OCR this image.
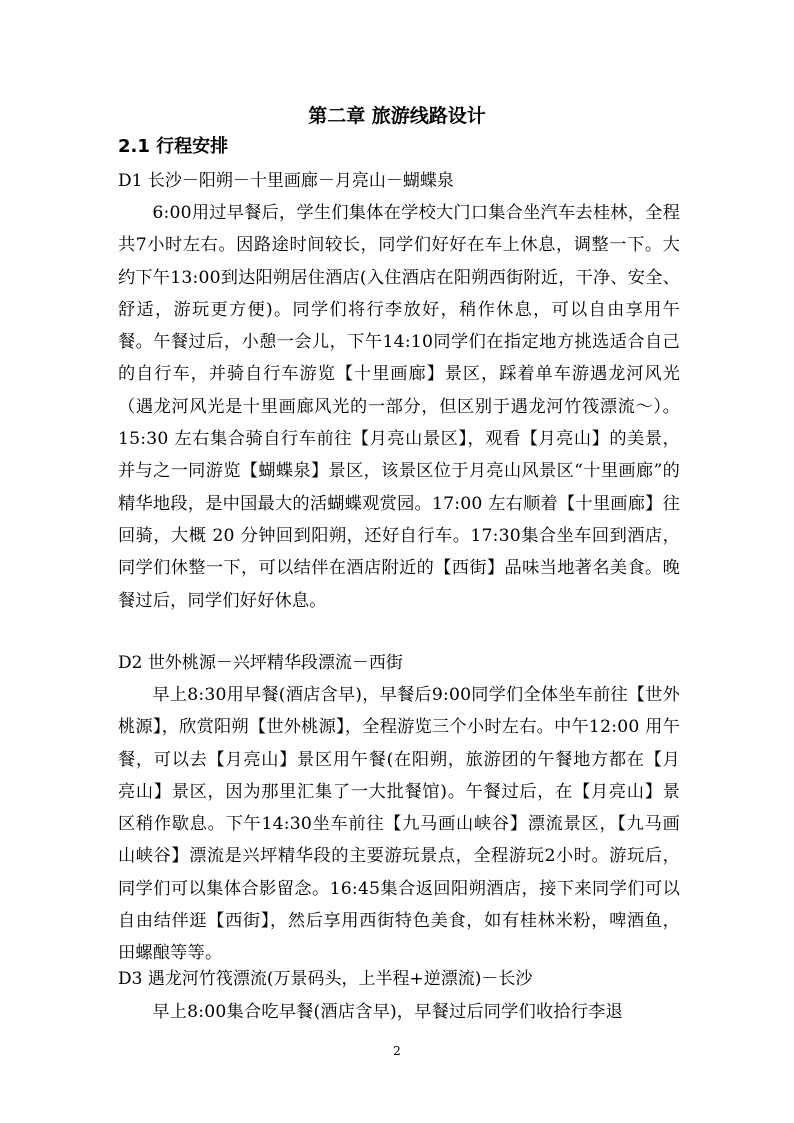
第二章 旅游线路设计
2.1 行程安排
D1 长沙－阳朔－十里画廊－月亮山－蝴蝶泉

6:00用过早餐后，学生们集体在学校大门口集合坐汽车去桂林，全程共7小时左右。因路途时间较长，同学们好好在车上休息，调整一下。大约下午13:00到达阳朔居住酒店(入住酒店在阳朔西街附近，干净、安全、舒适，游玩更方便)。同学们将行李放好，稍作休息，可以自由享用午餐。午餐过后，小憩一会儿，下午14:10同学们在指定地方挑选适合自己的自行车，并骑自行车游览【十里画廊】景区，踩着单车游遇龙河风光（遇龙河风光是十里画廊风光的一部分，但区别于遇龙河竹筏漂流～）。15:30 左右集合骑自行车前往【月亮山景区】，观看【月亮山】的美景，并与之一同游览【蝴蝶泉】景区，该景区位于月亮山风景区“十里画廊”的精华地段，是中国最大的活蝴蝶观赏园。17:00 左右顺着【十里画廊】往回骑，大概 20 分钟回到阳朔，还好自行车。17:30集合坐车回到酒店，同学们休整一下，可以结伴在酒店附近的【西街】品味当地著名美食。晚餐过后，同学们好好休息。

D2 世外桃源－兴坪精华段漂流－西街

早上8:30用早餐(酒店含早)，早餐后9:00同学们全体坐车前往【世外桃源】，欣赏阳朔【世外桃源】，全程游览三个小时左右。中午12:00 用午餐，可以去【月亮山】景区用午餐(在阳朔，旅游团的午餐地方都在【月亮山】景区，因为那里汇集了一大批餐馆)。午餐过后，在【月亮山】景区稍作歇息。下午14:30坐车前往【九马画山峡谷】漂流景区，【九马画山峡谷】漂流是兴坪精华段的主要游玩景点，全程游玩2小时。游玩后，同学们可以集体合影留念。16:45集合返回阳朔酒店，接下来同学们可以自由结伴逛【西街】，然后享用西街特色美食，如有桂林米粉，啤酒鱼，田螺酿等等。

D3 遇龙河竹筏漂流(万景码头，上半程+逆漂流)－长沙

早上8:00集合吃早餐(酒店含早)，早餐过后同学们收拾行李退

2
